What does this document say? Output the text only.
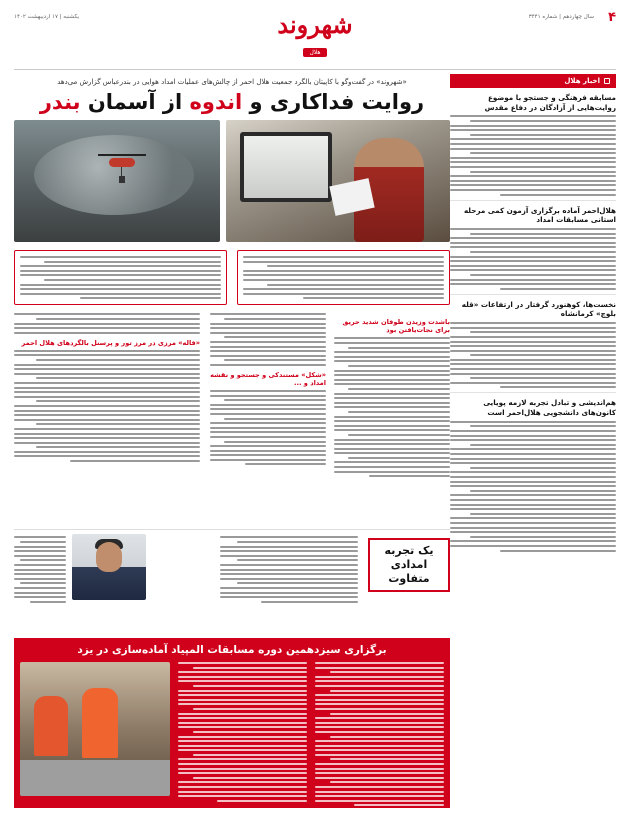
۴
سال چهاردهم | شماره ۳۴۴۱
شهروند
هلال
یکشنبه | ۱۷ اردیبهشت ۱۴۰۲
اخبار هلال
مسابقه فرهنگی و جستجو با موضوع روایت‌هایی از آزادگان در دفاع مقدس
هلال‌احمر آماده برگزاری آزمون کمی مرحله استانی مسابقات امداد
نخست‌ها، کوهنورد گرفتار در ارتفاعات «قله بلوچ» کرمانشاه
هم‌اندیشی و تبادل تجربه لازمه پویایی کانون‌های دانشجویی هلال‌احمر است
«شهروند» در گفت‌وگو با کاپیتان بالگرد جمعیت هلال احمر از چالش‌های عملیات امداد هوایی در بندرعباس گزارش می‌دهد
روایت فداکاری و اندوه از آسمان بندر
باشدت وزیدن طوفان شدید حریق برای نجات‌یافتن بود
«شکل» مستندکی و جستجو و نقشه امداد و ...
«قاله» مرزی در مرز تور و پرسنل بالگردهای هلال احمر
یک تجربه امدادی متفاوت
برگزاری سیزدهمین دوره مسابقات المپیاد آماده‌سازی در یزد
